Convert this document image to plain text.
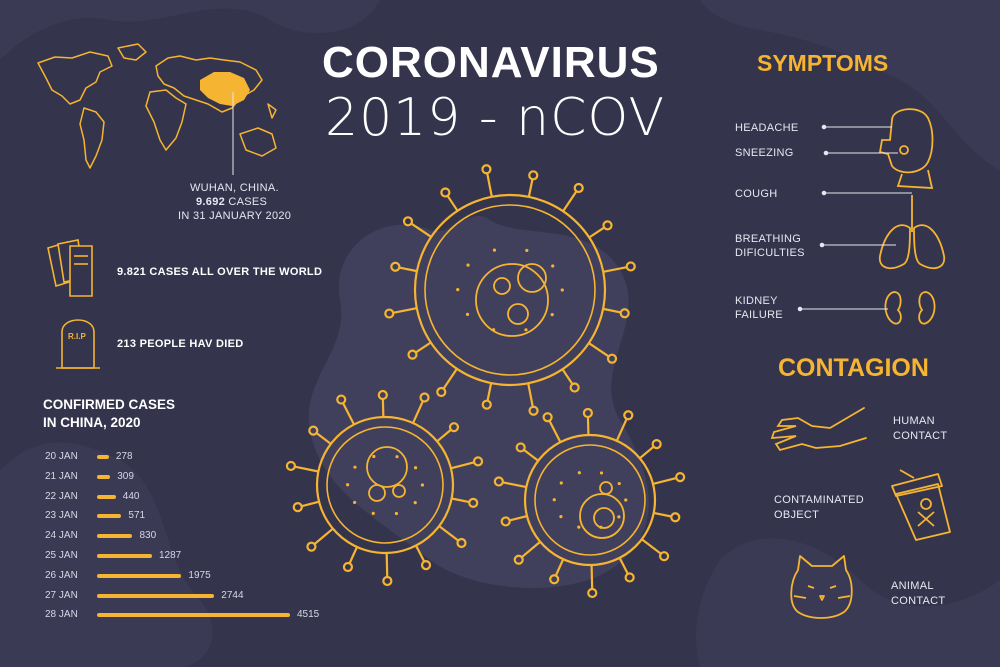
CORONAVIRUS
2019 - nCOV
WUHAN, CHINA.
9.692 CASES
IN 31 JANUARY 2020
9.821 CASES ALL OVER THE WORLD
R.I.P
213 PEOPLE HAV DIED
SYMPTOMS
HEADACHE
SNEEZING
COUGH
BREATHING
DIFICULTIES
KIDNEY
FAILURE
CONTAGION
HUMAN
CONTACT
CONTAMINATED
OBJECT
ANIMAL
CONTACT
CONFIRMED CASES
IN CHINA, 2020
20 JAN	278
21 JAN	309
22 JAN	440
23 JAN	571
24 JAN	830
25 JAN	1287
26 JAN	1975
27 JAN	2744
28 JAN	4515
